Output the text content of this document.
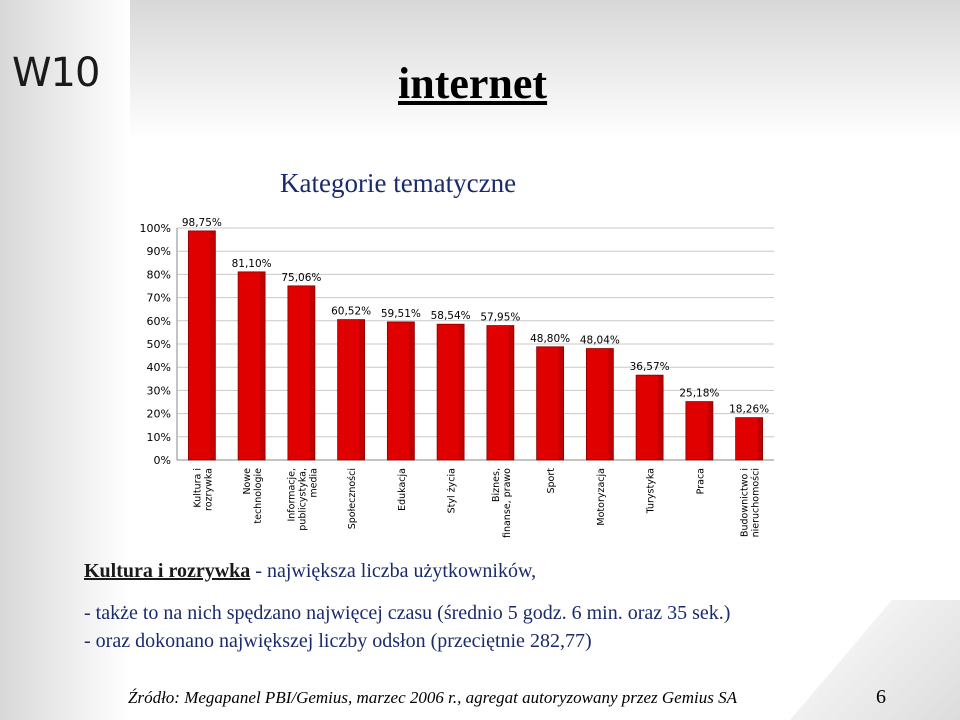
W10	internet
Kategorie tematyczne
0%
10%
20%
30%
40%
50%
60%
70%
80%
90%
100% 98,75%
Kultura i rozrywka
81,10%
Nowe technologie
75,06%
Informacje, publicystyka, media
60,52%
Społeczności
59,51%
Edukacja
58,54%
Styl życia
57,95%
Biznes, finanse, prawo
48,80%
Sport
48,04%
Motoryzacja
36,57%
Turystyka
25,18%
Praca
18,26%
Budownictwo i nieruchomości
Kultura i rozrywka - największa liczba użytkowników,
- także to na nich spędzano najwięcej czasu (średnio 5 godz. 6 min. oraz 35 sek.)
- oraz dokonano największej liczby odsłon (przeciętnie 282,77)
Źródło: Megapanel PBI/Gemius, marzec 2006 r., agregat autoryzowany przez Gemius SA	6
